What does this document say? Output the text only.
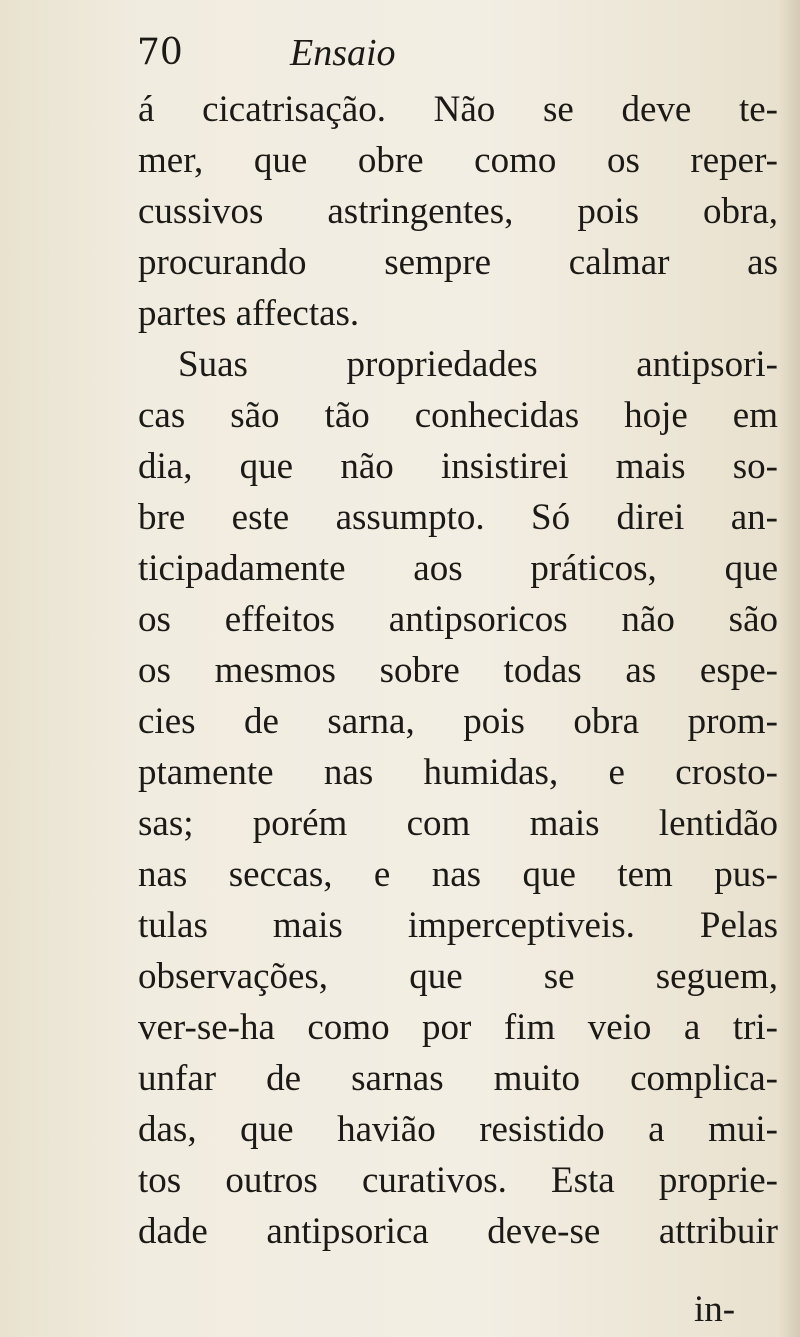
70	Ensaio
á cicatrisação. Não se deve te-
mer, que obre como os reper-
cussivos astringentes, pois obra,
procurando sempre calmar as
partes affectas.
Suas propriedades antipsori-
cas são tão conhecidas hoje em
dia, que não insistirei mais so-
bre este assumpto. Só direi an-
ticipadamente aos práticos, que
os effeitos antipsoricos não são
os mesmos sobre todas as espe-
cies de sarna, pois obra prom-
ptamente nas humidas, e crosto-
sas; porém com mais lentidão
nas seccas, e nas que tem pus-
tulas mais imperceptiveis. Pelas
observações, que se seguem,
ver-se-ha como por fim veio a tri-
unfar de sarnas muito complica-
das, que havião resistido a mui-
tos outros curativos. Esta proprie-
dade antipsorica deve-se attribuir
in-
